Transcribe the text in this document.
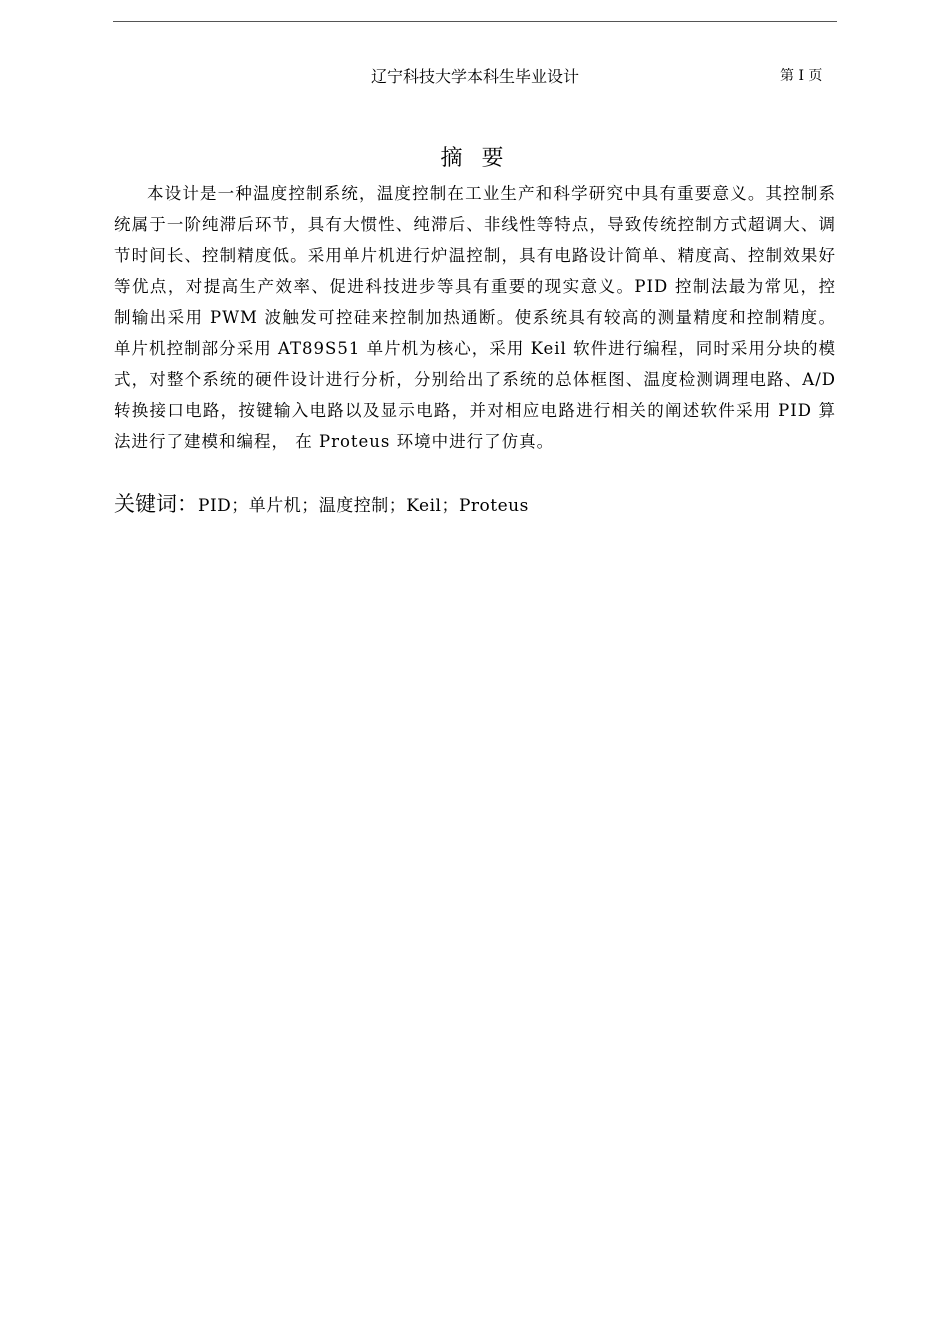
辽宁科技大学本科生毕业设计	第 I 页
摘 要

本设计是一种温度控制系统，温度控制在工业生产和科学研究中具有重要意义。其控制系统属于一阶纯滞后环节，具有大惯性、纯滞后、非线性等特点，导致传统控制方式超调大、调节时间长、控制精度低。采用单片机进行炉温控制，具有电路设计简单、精度高、控制效果好等优点，对提高生产效率、促进科技进步等具有重要的现实意义。PID 控制法最为常见，控制输出采用 PWM 波触发可控硅来控制加热通断。使系统具有较高的测量精度和控制精度。单片机控制部分采用 AT89S51 单片机为核心，采用 Keil 软件进行编程，同时采用分块的模式，对整个系统的硬件设计进行分析，分别给出了系统的总体框图、温度检测调理电路、A/D 转换接口电路，按键输入电路以及显示电路，并对相应电路进行相关的阐述软件采用 PID 算法进行了建模和编程， 在 Proteus 环境中进行了仿真。

关键词：PID；单片机；温度控制；Keil；Proteus
